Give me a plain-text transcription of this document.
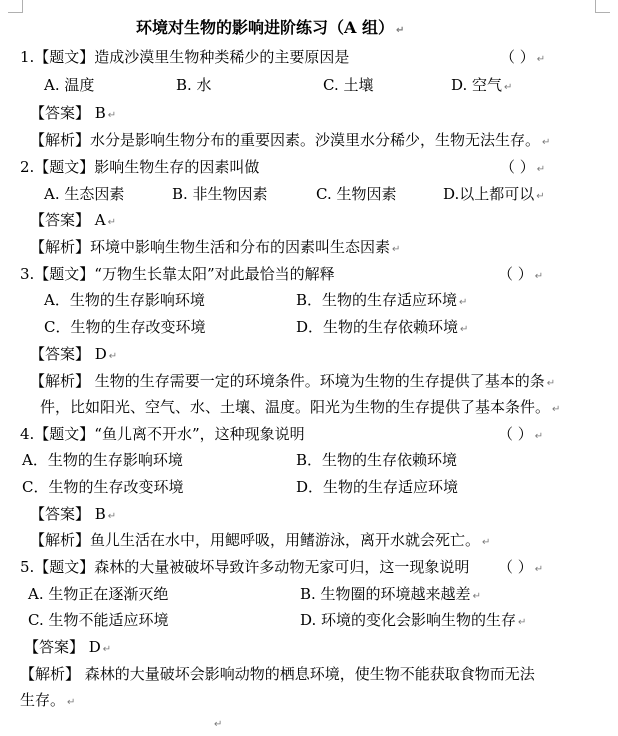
环境对生物的影响进阶练习（A 组） ↵
1.【题文】造成沙漠里生物种类稀少的主要原因是	（ ） ↵
A. 温度	B. 水	C. 土壤	D. 空气 ↵
【答案】 B ↵
【解析】水分是影响生物分布的重要因素。沙漠里水分稀少，生物无法生存。 ↵
2.【题文】影响生物生存的因素叫做	（ ） ↵
A. 生态因素	B. 非生物因素	C. 生物因素	D.以上都可以 ↵
【答案】 A ↵
【解析】环境中影响生物生活和分布的因素叫生态因素 ↵
3.【题文】“万物生长靠太阳”对此最恰当的解释	（ ） ↵
A．生物的生存影响环境	B．生物的生存适应环境 ↵
C．生物的生存改变环境	D．生物的生存依赖环境 ↵
【答案】 D ↵
【解析】 生物的生存需要一定的环境条件。环境为生物的生存提供了基本的条 ↵
件，比如阳光、空气、水、土壤、温度。阳光为生物的生存提供了基本条件。 ↵
4.【题文】“鱼儿离不开水”，这种现象说明	（ ） ↵
A．生物的生存影响环境	B．生物的生存依赖环境
C．生物的生存改变环境	D．生物的生存适应环境
【答案】 B ↵
【解析】鱼儿生活在水中，用鳃呼吸，用鳍游泳，离开水就会死亡。 ↵
5.【题文】森林的大量被破坏导致许多动物无家可归，这一现象说明 （ ） ↵
A. 生物正在逐渐灭绝	B. 生物圈的环境越来越差 ↵
C. 生物不能适应环境	D. 环境的变化会影响生物的生存 ↵
【答案】 D ↵
【解析】 森林的大量破坏会影响动物的栖息环境，使生物不能获取食物而无法
生存。 ↵
↵
